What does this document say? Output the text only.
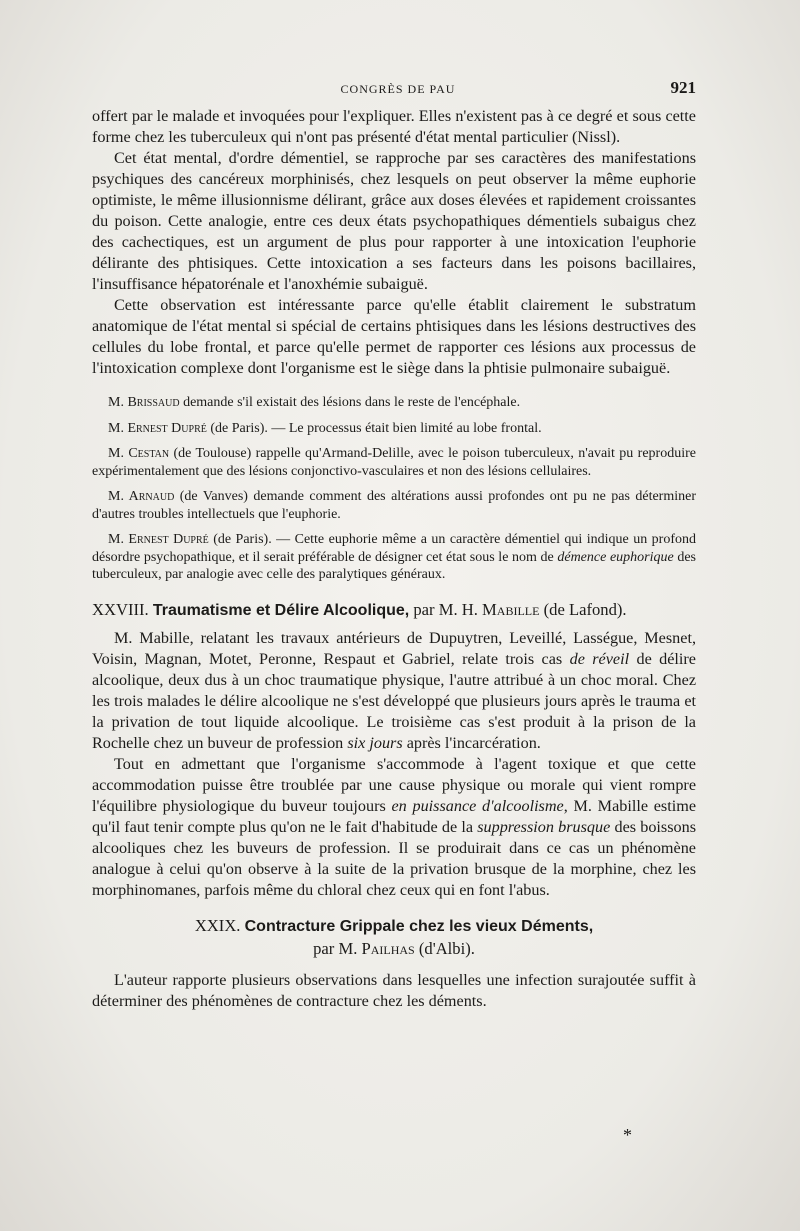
CONGRÈS DE PAU	921

offert par le malade et invoquées pour l'expliquer. Elles n'existent pas à ce degré et sous cette forme chez les tuberculeux qui n'ont pas présenté d'état mental particulier (Nissl).

Cet état mental, d'ordre démentiel, se rapproche par ses caractères des manifestations psychiques des cancéreux morphinisés, chez lesquels on peut observer la même euphorie optimiste, le même illusionnisme délirant, grâce aux doses élevées et rapidement croissantes du poison. Cette analogie, entre ces deux états psychopathiques démentiels subaigus chez des cachectiques, est un argument de plus pour rapporter à une intoxication l'euphorie délirante des phtisiques. Cette intoxication a ses facteurs dans les poisons bacillaires, l'insuffisance hépatorénale et l'anoxhémie subaiguë.

Cette observation est intéressante parce qu'elle établit clairement le substratum anatomique de l'état mental si spécial de certains phtisiques dans les lésions destructives des cellules du lobe frontal, et parce qu'elle permet de rapporter ces lésions aux processus de l'intoxication complexe dont l'organisme est le siège dans la phtisie pulmonaire subaiguë.

M. Brissaud demande s'il existait des lésions dans le reste de l'encéphale.

M. Ernest Dupré (de Paris). — Le processus était bien limité au lobe frontal.

M. Cestan (de Toulouse) rappelle qu'Armand-Delille, avec le poison tuberculeux, n'avait pu reproduire expérimentalement que des lésions conjonctivo-vasculaires et non des lésions cellulaires.

M. Arnaud (de Vanves) demande comment des altérations aussi profondes ont pu ne pas déterminer d'autres troubles intellectuels que l'euphorie.

M. Ernest Dupré (de Paris). — Cette euphorie même a un caractère démentiel qui indique un profond désordre psychopathique, et il serait préférable de désigner cet état sous le nom de démence euphorique des tuberculeux, par analogie avec celle des paralytiques généraux.

XXVIII. Traumatisme et Délire Alcoolique, par M. H. Mabille (de Lafond).

M. Mabille, relatant les travaux antérieurs de Dupuytren, Leveillé, Lasségue, Mesnet, Voisin, Magnan, Motet, Peronne, Respaut et Gabriel, relate trois cas de réveil de délire alcoolique, deux dus à un choc traumatique physique, l'autre attribué à un choc moral. Chez les trois malades le délire alcoolique ne s'est développé que plusieurs jours après le trauma et la privation de tout liquide alcoolique. Le troisième cas s'est produit à la prison de la Rochelle chez un buveur de profession six jours après l'incarcération.

Tout en admettant que l'organisme s'accommode à l'agent toxique et que cette accommodation puisse être troublée par une cause physique ou morale qui vient rompre l'équilibre physiologique du buveur toujours en puissance d'alcoolisme, M. Mabille estime qu'il faut tenir compte plus qu'on ne le fait d'habitude de la suppression brusque des boissons alcooliques chez les buveurs de profession. Il se produirait dans ce cas un phénomène analogue à celui qu'on observe à la suite de la privation brusque de la morphine, chez les morphinomanes, parfois même du chloral chez ceux qui en font l'abus.

XXIX. Contracture Grippale chez les vieux Déments,

par M. Pailhas (d'Albi).

L'auteur rapporte plusieurs observations dans lesquelles une infection surajoutée suffit à déterminer des phénomènes de contracture chez les déments.

*
